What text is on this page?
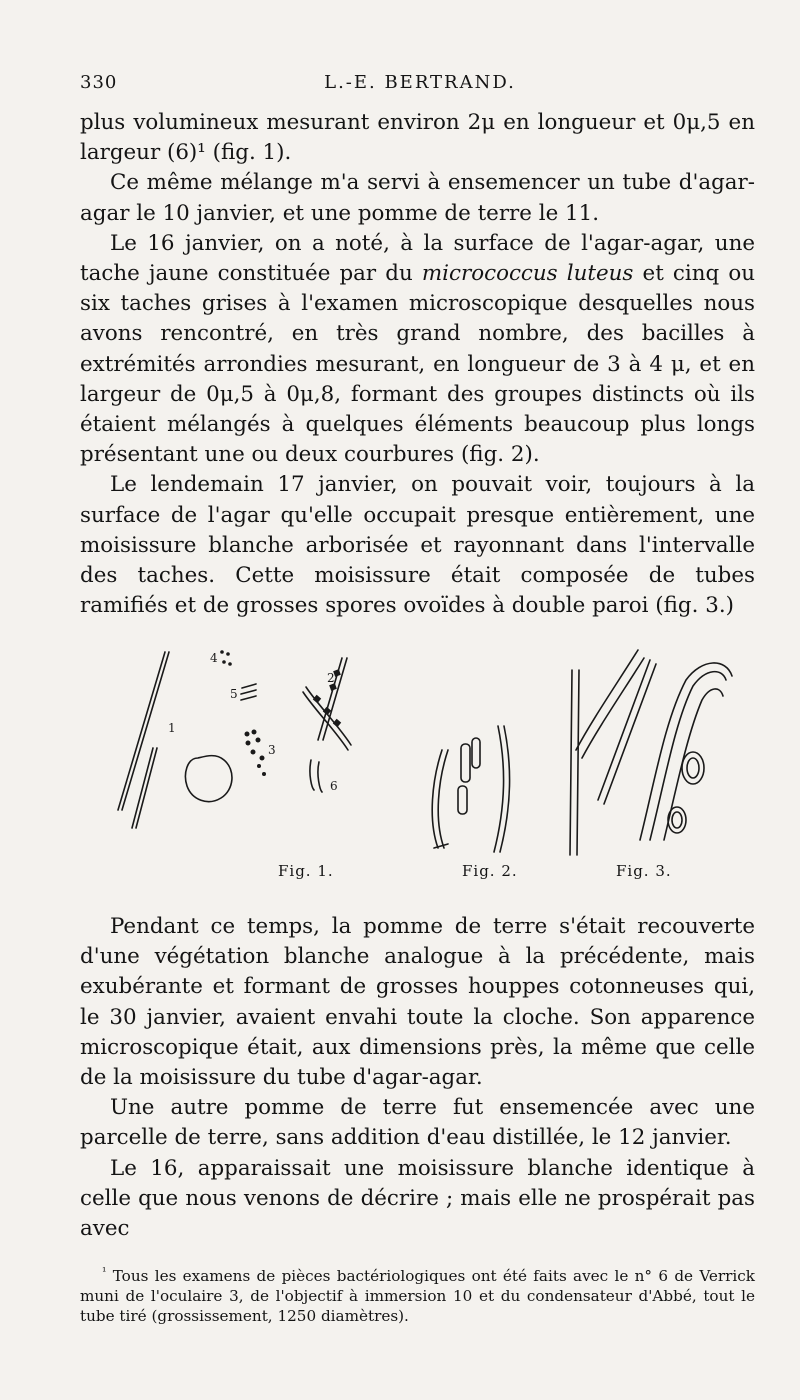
330	L.-E. BERTRAND.

plus volumineux mesurant environ 2μ en longueur et 0μ,5 en largeur (6)¹ (fig. 1).

Ce même mélange m'a servi à ensemencer un tube d'agar-agar le 10 janvier, et une pomme de terre le 11.

Le 16 janvier, on a noté, à la surface de l'agar-agar, une tache jaune constituée par du micrococcus luteus et cinq ou six taches grises à l'examen microscopique desquelles nous avons rencontré, en très grand nombre, des bacilles à extrémités arrondies mesurant, en longueur de 3 à 4 μ, et en largeur de 0μ,5 à 0μ,8, formant des groupes distincts où ils étaient mélangés à quelques éléments beaucoup plus longs présentant une ou deux courbures (fig. 2).

Le lendemain 17 janvier, on pouvait voir, toujours à la surface de l'agar qu'elle occupait presque entièrement, une moisissure blanche arborisée et rayonnant dans l'intervalle des taches. Cette moisissure était composée de tubes ramifiés et de grosses spores ovoïdes à double paroi (fig. 3.)

1
2
3
4
5
6
Fig. 1.	Fig. 2.	Fig. 3.

Pendant ce temps, la pomme de terre s'était recouverte d'une végétation blanche analogue à la précédente, mais exubérante et formant de grosses houppes cotonneuses qui, le 30 janvier, avaient envahi toute la cloche. Son apparence microscopique était, aux dimensions près, la même que celle de la moisissure du tube d'agar-agar.

Une autre pomme de terre fut ensemencée avec une parcelle de terre, sans addition d'eau distillée, le 12 janvier.

Le 16, apparaissait une moisissure blanche identique à celle que nous venons de décrire ; mais elle ne prospérait pas avec

$^{^1}$ Tous les examens de pièces bactériologiques ont été faits avec le n° 6 de Verrick muni de l'oculaire 3, de l'objectif à immersion 10 et du condensateur d'Abbé, tout le tube tiré (grossissement, 1250 diamètres).
